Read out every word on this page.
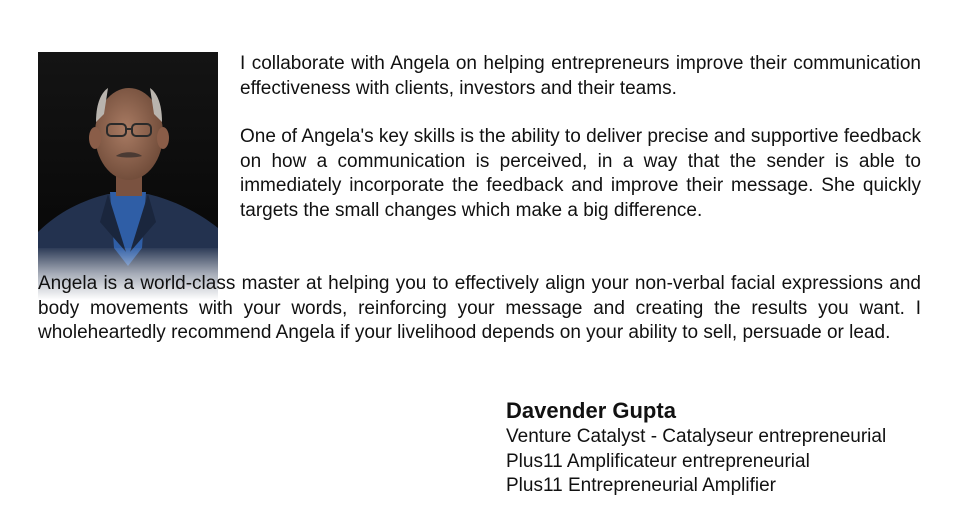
I collaborate with Angela on helping entrepreneurs improve their communication effectiveness with clients, investors and their teams.

One of Angela's key skills is the ability to deliver precise and supportive feedback on how a communication is perceived, in a way that the sender is able to immediately incorporate the feedback and improve their message. She quickly targets the small changes which make a big difference.

Angela is a world-class master at helping you to effectively align your non-verbal facial expressions and body movements with your words, reinforcing your message and creating the results you want. I wholeheartedly recommend Angela if your livelihood depends on your ability to sell, persuade or lead.

Davender Gupta
Venture Catalyst - Catalyseur entrepreneurial
Plus11 Amplificateur entrepreneurial
Plus11 Entrepreneurial Amplifier
